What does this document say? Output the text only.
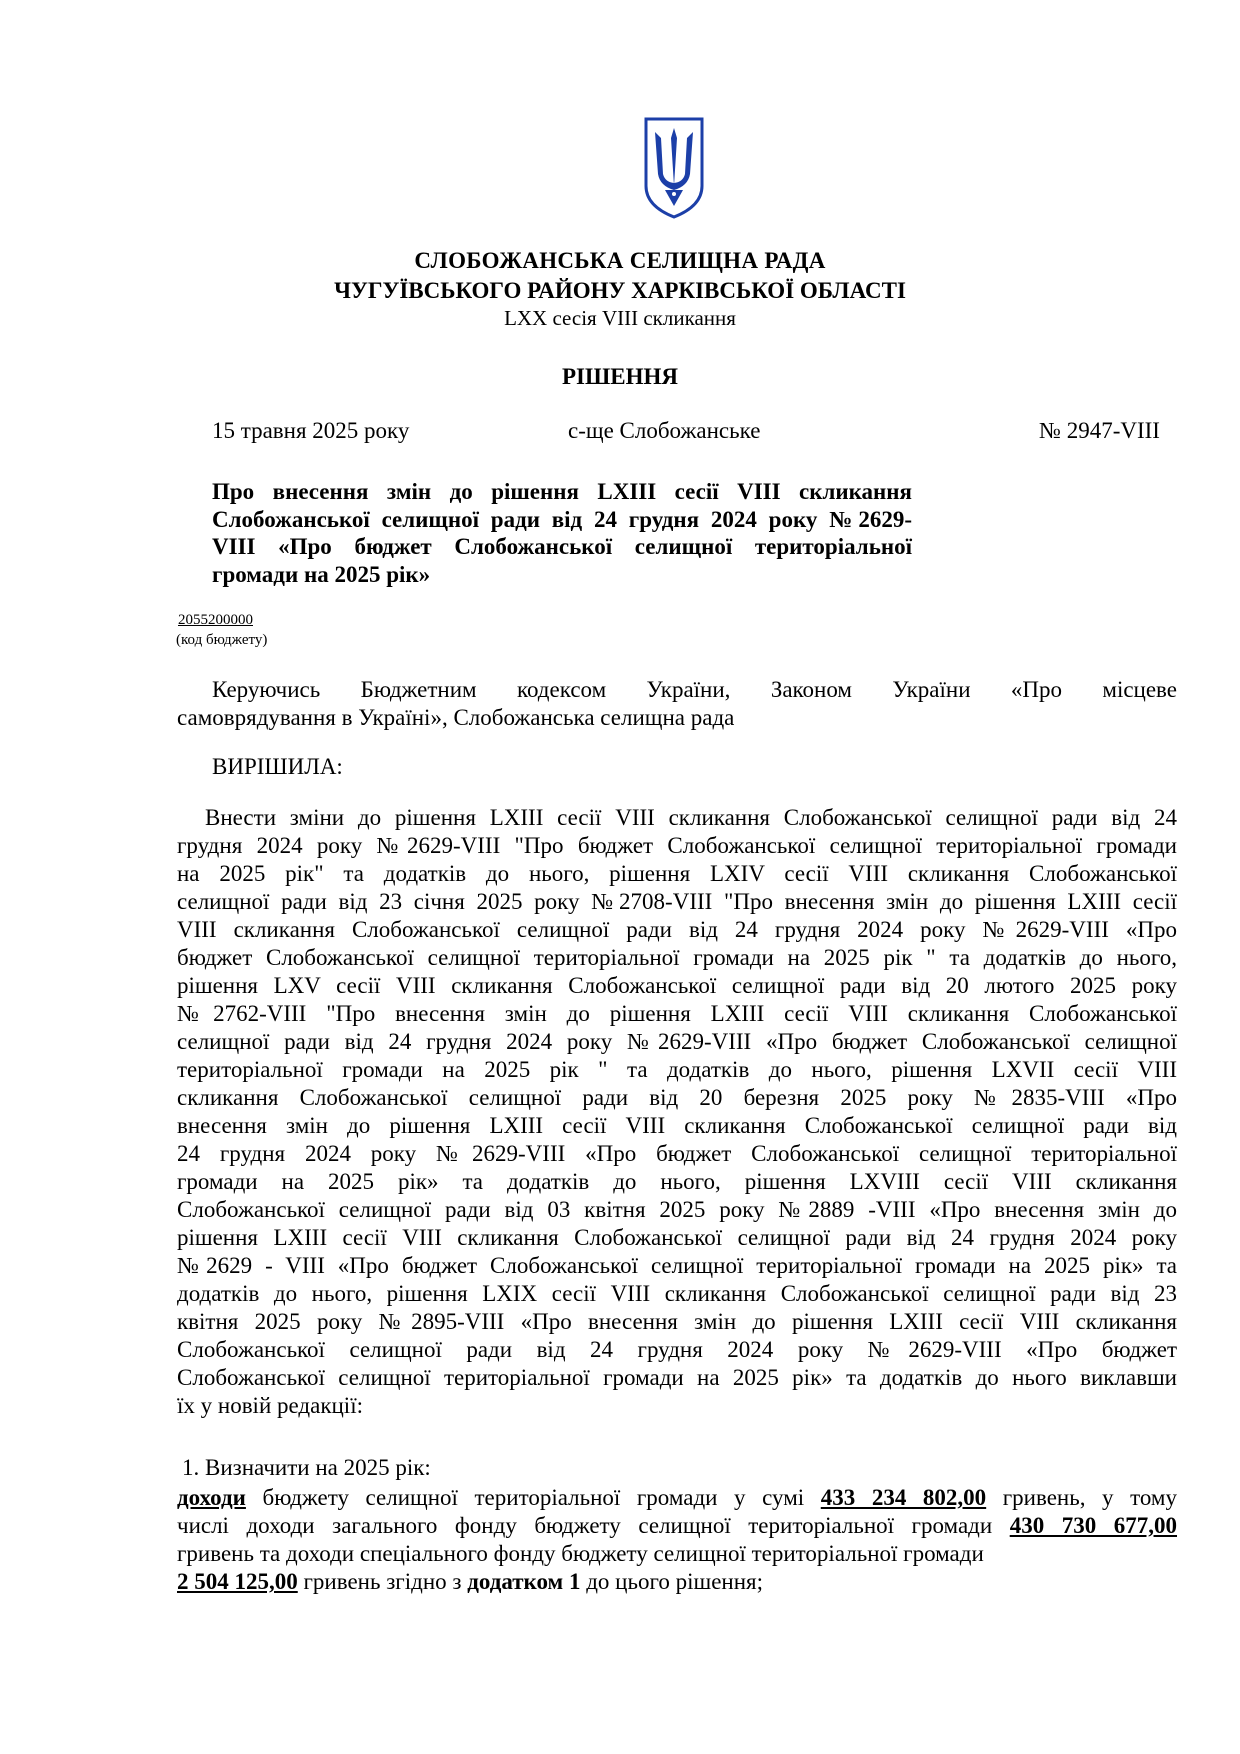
СЛОБОЖАНСЬКА СЕЛИЩНА РАДА
ЧУГУЇВСЬКОГО РАЙОНУ ХАРКІВСЬКОЇ ОБЛАСТІ
LXX сесія VIII скликання
РІШЕННЯ
15 травня 2025 року	с-ще Слобожанське	№ 2947-VIII
Про внесення змін до рішення LXIII сесії VIII скликання
Слобожанської селищної ради від 24 грудня 2024 року №2629-
VIII «Про бюджет Слобожанської селищної територіальної
громади на 2025 рік»
2055200000
(код бюджету)
Керуючись Бюджетним кодексом України, Законом України «Про місцеве
самоврядування в Україні», Слобожанська селищна рада
ВИРІШИЛА:
Внести зміни до рішення LXIII сесії VIII скликання Слобожанської селищної ради від 24
грудня 2024 року №2629-VIII "Про бюджет Слобожанської селищної територіальної громади
на 2025 рік" та додатків до нього, рішення LXIV сесії VIII скликання Слобожанської
селищної ради від 23 січня 2025 року №2708-VIII "Про внесення змін до рішення LXIII сесії
VIII скликання Слобожанської селищної ради від 24 грудня 2024 року №2629-VIII «Про
бюджет Слобожанської селищної територіальної громади на 2025 рік " та додатків до нього,
рішення LXV сесії VIII скликання Слобожанської селищної ради від 20 лютого 2025 року
№2762-VIII "Про внесення змін до рішення LXIII сесії VIII скликання Слобожанської
селищної ради від 24 грудня 2024 року №2629-VIII «Про бюджет Слобожанської селищної
територіальної громади на 2025 рік " та додатків до нього, рішення LXVII сесії VIII
скликання Слобожанської селищної ради від 20 березня 2025 року №2835-VIII «Про
внесення змін до рішення LXIII сесії VIII скликання Слобожанської селищної ради від
24 грудня 2024 року №2629-VIII «Про бюджет Слобожанської селищної територіальної
громади на 2025 рік» та додатків до нього, рішення LXVIII сесії VIII скликання
Слобожанської селищної ради від 03 квітня 2025 року №2889 -VIII «Про внесення змін до
рішення LXIII сесії VIII скликання Слобожанської селищної ради від 24 грудня 2024 року
№2629 - VIII «Про бюджет Слобожанської селищної територіальної громади на 2025 рік» та
додатків до нього, рішення LXIX сесії VIII скликання Слобожанської селищної ради від 23
квітня 2025 року №2895-VIII «Про внесення змін до рішення LXIII сесії VIII скликання
Слобожанської селищної ради від 24 грудня 2024 року №2629-VIII «Про бюджет
Слобожанської селищної територіальної громади на 2025 рік» та додатків до нього виклавши
їх у новій редакції:
1. Визначити на 2025 рік:
доходи бюджету селищної територіальної громади у сумі 433 234 802,00 гривень, у тому
числі доходи загального фонду бюджету селищної територіальної громади 430 730 677,00
гривень та доходи спеціального фонду бюджету селищної територіальної громади
2 504 125,00 гривень згідно з додатком 1 до цього рішення;
